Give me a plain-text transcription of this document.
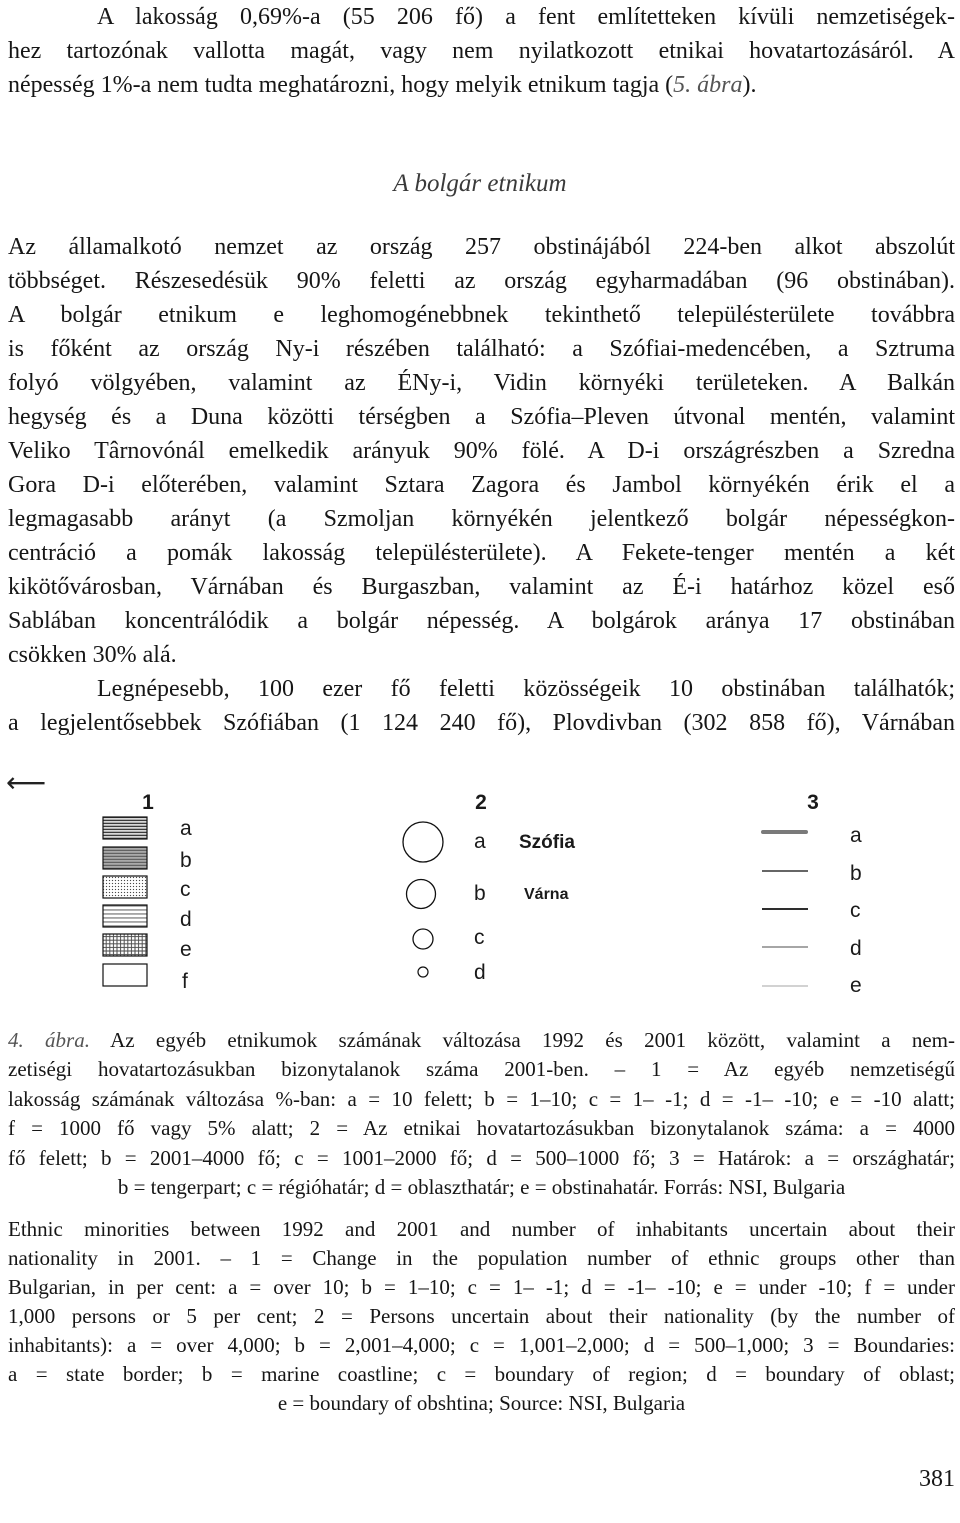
A lakosság 0,69%-a (55 206 fő) a fent említetteken kívüli nemzetiségek-
hez tartozónak vallotta magát, vagy nem nyilatkozott etnikai hovatartozásáról. A
népesség 1%-a nem tudta meghatározni, hogy melyik etnikum tagja (5. ábra).
A bolgár etnikum
Az államalkotó nemzet az ország 257 obstinájából 224-ben alkot abszolút
többséget. Részesedésük 90% feletti az ország egyharmadában (96 obstinában).
A bolgár etnikum e leghomogénebbnek tekinthető településterülete továbbra
is főként az ország Ny-i részében található: a Szófiai-medencében, a Sztruma
folyó völgyében, valamint az ÉNy-i, Vidin környéki területeken. A Balkán
hegység és a Duna közötti térségben a Szófia–Pleven útvonal mentén, valamint
Veliko Târnovónál emelkedik arányuk 90% fölé. A D-i országrészben a Szredna
Gora D-i előterében, valamint Sztara Zagora és Jambol környékén érik el a
legmagasabb arányt (a Szmoljan környékén jelentkező bolgár népességkon-
centráció a pomák lakosság településterülete). A Fekete-tenger mentén a két
kikötővárosban, Várnában és Burgaszban, valamint az É-i határhoz közel eső
Sablában koncentrálódik a bolgár népesség. A bolgárok aránya 17 obstinában
csökken 30% alá.
Legnépesebb, 100 ezer fő feletti közösségeik 10 obstinában találhatók;
a legjelentősebbek Szófiában (1 124 240 fő), Plovdivban (302 858 fő), Várnában
⟵
1
a
b
c
d
e
f
2
a
b
c
d
Szófia
Várna
3
a
b
c
d
e
4. ábra. Az egyéb etnikumok számának változása 1992 és 2001 között, valamint a nem-
zetiségi hovatartozásukban bizonytalanok száma 2001-ben. – 1 = Az egyéb nemzetiségű
lakosság számának változása %-ban: a = 10 felett; b = 1–10; c = 1– -1; d = -1– -10; e = -10 alatt;
f = 1000 fő vagy 5% alatt; 2 = Az etnikai hovatartozásukban bizonytalanok száma: a = 4000
fő felett; b = 2001–4000 fő; c = 1001–2000 fő; d = 500–1000 fő; 3 = Határok: a = országhatár;
b = tengerpart; c = régióhatár; d = oblaszthatár; e = obstinahatár. Forrás: NSI, Bulgaria
Ethnic minorities between 1992 and 2001 and number of inhabitants uncertain about their
nationality in 2001. – 1 = Change in the population number of ethnic groups other than
Bulgarian, in per cent: a = over 10; b = 1–10; c = 1– -1; d = -1– -10; e = under -10; f = under
1,000 persons or 5 per cent; 2 = Persons uncertain about their nationality (by the number of
inhabitants): a = over 4,000; b = 2,001–4,000; c = 1,001–2,000; d = 500–1,000; 3 = Boundaries:
a = state border; b = marine coastline; c = boundary of region; d = boundary of oblast;
e = boundary of obshtina; Source: NSI, Bulgaria
381
